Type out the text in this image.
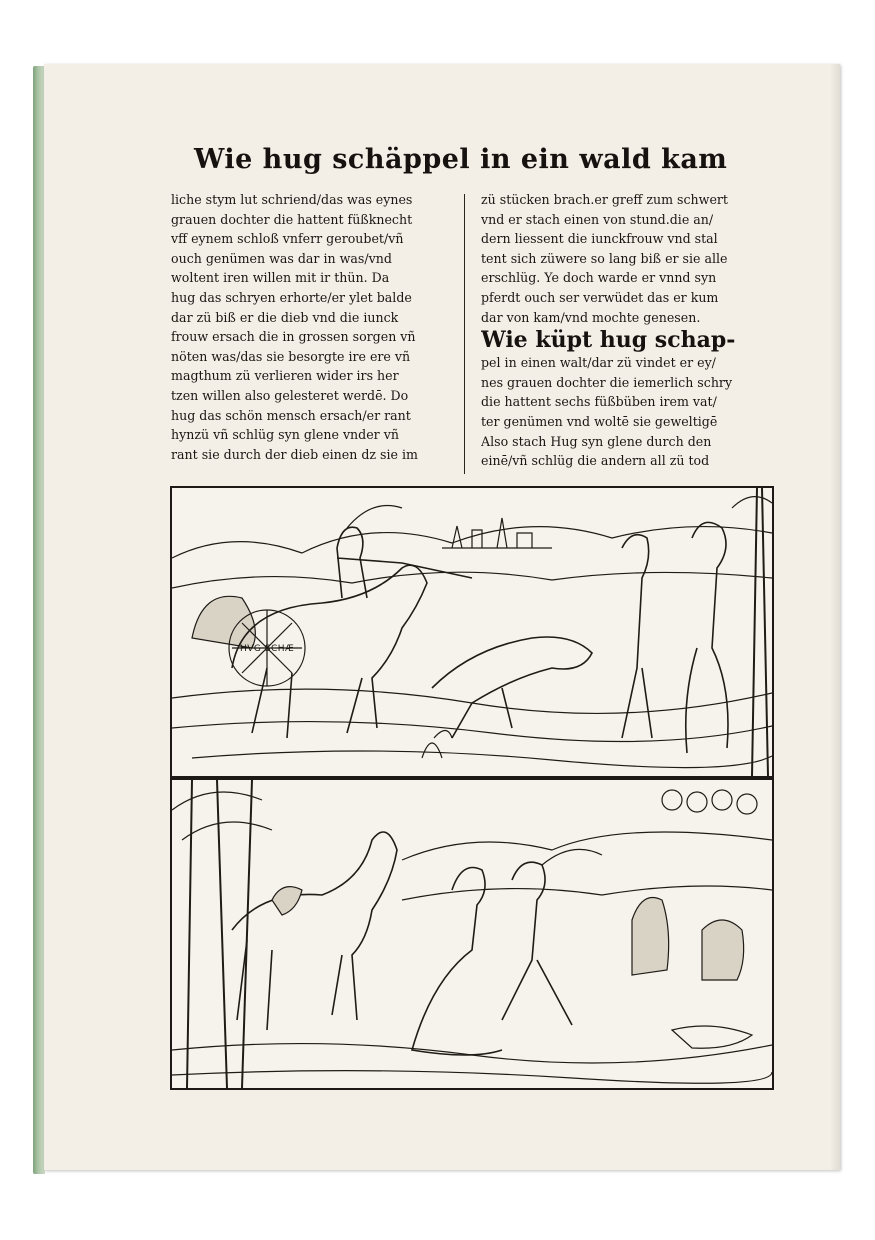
Wie hug schäppel in ein wald kam
liche stym lut schriend/das was eynes
grauen dochter die hattent füßknecht
vff eynem schloß vnferr geroubet/vñ
ouch genümen was dar in was/vnd
woltent iren willen mit ir thün. Da
hug das schryen erhorte/er ylet balde
dar zü biß er die dieb vnd die iunck
frouw ersach die in grossen sorgen vñ
nöten was/das sie besorgte ire ere vñ
magthum zü verlieren wider irs her
tzen willen also gelesteret werdē. Do
hug das schön mensch ersach/er rant
hynzü vñ schlüg syn glene vnder vñ
rant sie durch der dieb einen dz sie im
zü stücken brach.er greff zum schwert
vnd er stach einen von stund.die an/
dern liessent die iunckfrouw vnd stal
tent sich züwere so lang biß er sie alle
erschlüg. Ye doch warde er vnnd syn
pferdt ouch ser verwüdet das er kum
dar von kam/vnd mochte genesen.
Wie küpt hug schap-
pel in einen walt/dar zü vindet er ey/
nes grauen dochter die iemerlich schry
die hattent sechs füßbüben irem vat/
ter genümen vnd woltē sie geweltigē
Also stach Hug syn glene durch den
einē/vñ schlüg die andern all zü tod
HVG·SCHÆ
